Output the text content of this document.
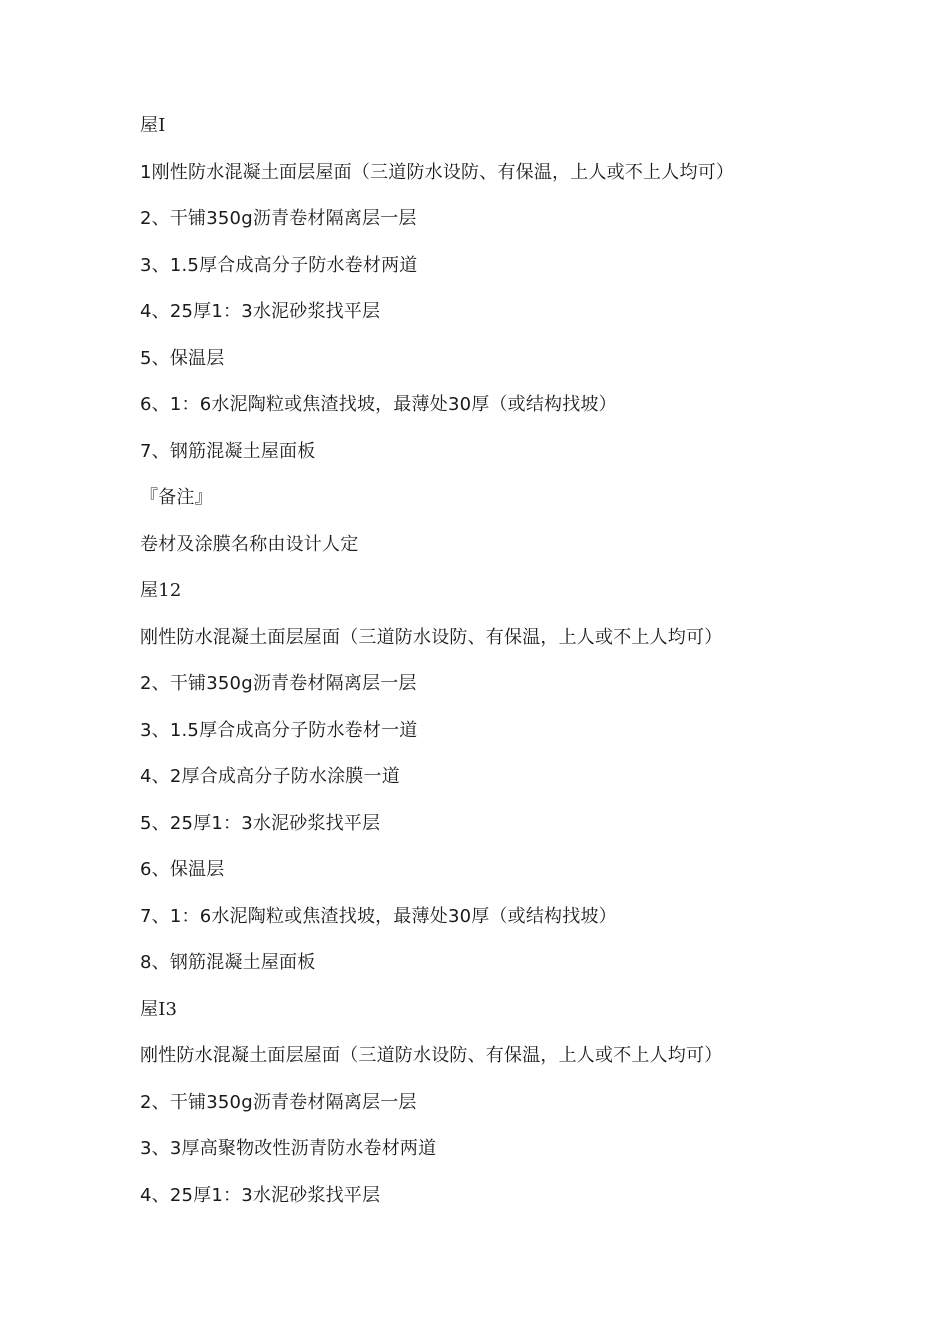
屋I
1刚性防水混凝土面层屋面（三道防水设防、有保温，上人或不上人均可）
2、干铺350g沥青卷材隔离层一层
3、1.5厚合成高分子防水卷材两道
4、25厚1：3水泥砂浆找平层
5、保温层
6、1：6水泥陶粒或焦渣找坡，最薄处30厚（或结构找坡）
7、钢筋混凝土屋面板
『备注』
卷材及涂膜名称由设计人定
屋12
刚性防水混凝土面层屋面（三道防水设防、有保温，上人或不上人均可）
2、干铺350g沥青卷材隔离层一层
3、1.5厚合成高分子防水卷材一道
4、2厚合成高分子防水涂膜一道
5、25厚1：3水泥砂浆找平层
6、保温层
7、1：6水泥陶粒或焦渣找坡，最薄处30厚（或结构找坡）
8、钢筋混凝土屋面板
屋I3
刚性防水混凝土面层屋面（三道防水设防、有保温，上人或不上人均可）
2、干铺350g沥青卷材隔离层一层
3、3厚高聚物改性沥青防水卷材两道
4、25厚1：3水泥砂浆找平层
